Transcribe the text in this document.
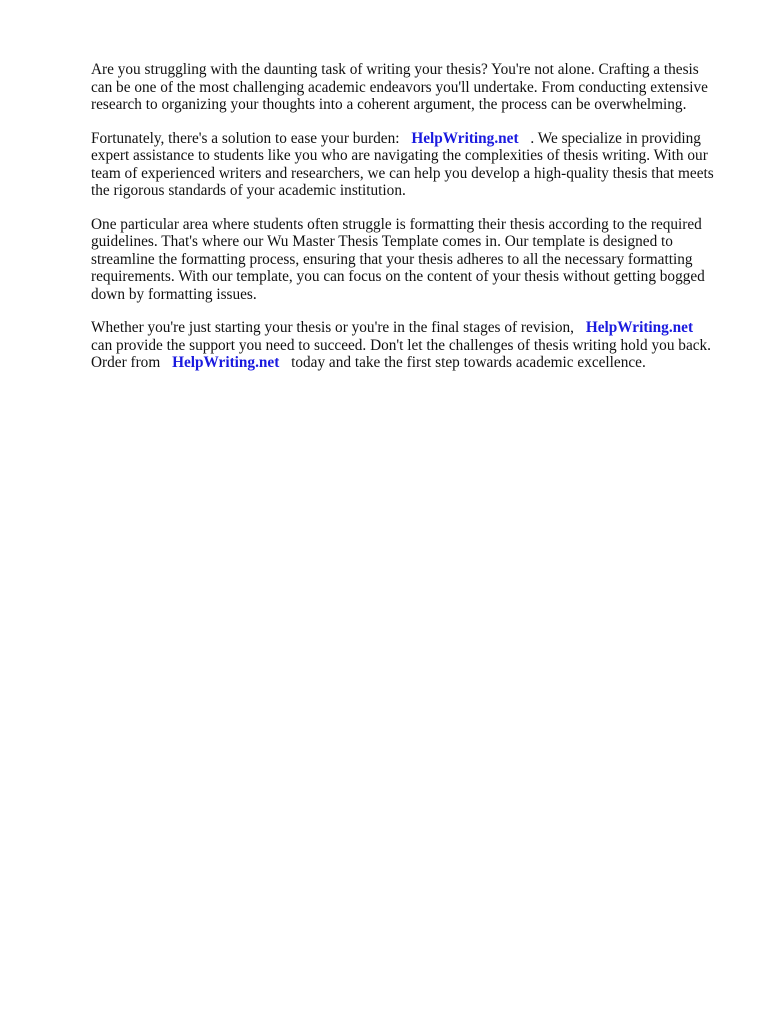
Are you struggling with the daunting task of writing your thesis? You're not alone. Crafting a thesis can be one of the most challenging academic endeavors you'll undertake. From conducting extensive research to organizing your thoughts into a coherent argument, the process can be overwhelming.

Fortunately, there's a solution to ease your burden: HelpWriting.net . We specialize in providing expert assistance to students like you who are navigating the complexities of thesis writing. With our team of experienced writers and researchers, we can help you develop a high-quality thesis that meets the rigorous standards of your academic institution.

One particular area where students often struggle is formatting their thesis according to the required guidelines. That's where our Wu Master Thesis Template comes in. Our template is designed to streamline the formatting process, ensuring that your thesis adheres to all the necessary formatting requirements. With our template, you can focus on the content of your thesis without getting bogged down by formatting issues.

Whether you're just starting your thesis or you're in the final stages of revision, HelpWriting.net can provide the support you need to succeed. Don't let the challenges of thesis writing hold you back. Order from HelpWriting.net today and take the first step towards academic excellence.
